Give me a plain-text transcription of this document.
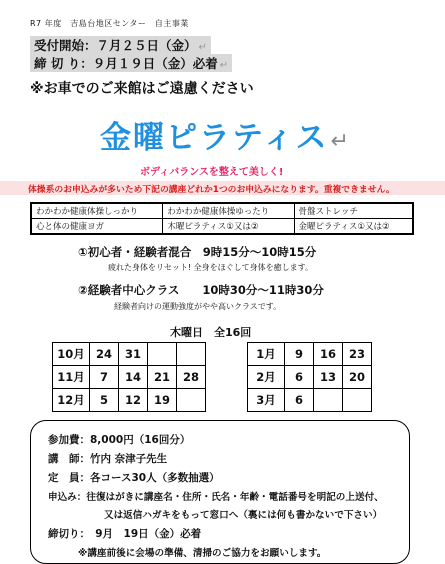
R7 年度　吉島台地区センター　自主事業
受付開始：７月２５日（金） ↵
締 切 り：９月１９日（金）必着 ↵
※お車でのご来館はご遠慮ください
金曜ピラティス↵
ボディバランスを整えて美しく!
体操系のお申込みが多いため下記の講座どれか1つのお申込みになります。重複できません。
わかわか健康体操しっかり	わかわか健康体操ゆったり	骨盤ストレッチ
心と体の健康ヨガ	木曜ピラティス①又は②	金曜ピラティス①又は②
①初心者・経験者混合　9時15分～10時15分
疲れた身体をリセット! 全身をほぐして身体を癒します。
②経験者中心クラス　　10時30分～11時30分
経験者向けの運動強度がやや高いクラスです。
木曜日　全16回
10月	24	31		
11月	7	14	21	28
12月	5	12	19	
1月	9	16	23
2月	6	13	20
3月	6		
参加費：8,000円（16回分）
講　師：竹内 奈津子先生
定　員：各コース30人（多数抽選）
申込み：往復はがきに講座名・住所・氏名・年齢・電話番号を明記の上送付、
又は返信ハガキをもって窓口へ（裏には何も書かないで下さい）
締切り：　9月　19日（金）必着
※講座前後に会場の準備、清掃のご協力をお願いします。
